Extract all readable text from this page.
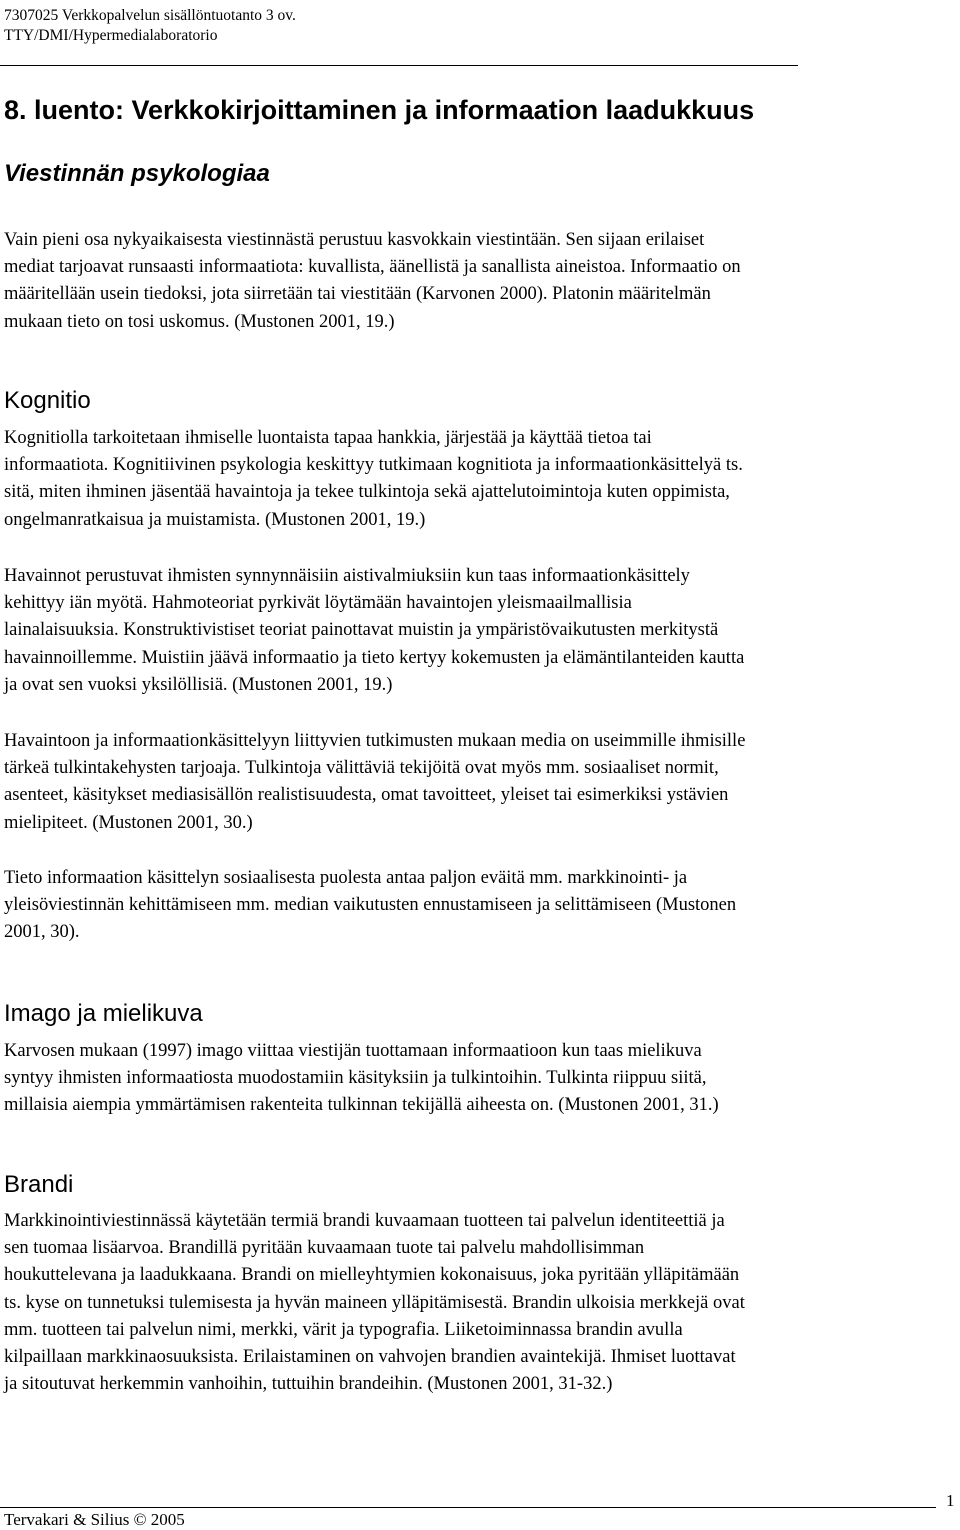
7307025 Verkkopalvelun sisällöntuotanto 3 ov.
TTY/DMI/Hypermedialaboratorio
8. luento: Verkkokirjoittaminen ja informaation laadukkuus
Viestinnän psykologiaa
Vain pieni osa nykyaikaisesta viestinnästä perustuu kasvokkain viestintään. Sen sijaan erilaiset
mediat tarjoavat runsaasti informaatiota: kuvallista, äänellistä ja sanallista aineistoa. Informaatio on
määritellään usein tiedoksi, jota siirretään tai viestitään (Karvonen 2000). Platonin määritelmän
mukaan tieto on tosi uskomus. (Mustonen 2001, 19.)
Kognitio
Kognitiolla tarkoitetaan ihmiselle luontaista tapaa hankkia, järjestää ja käyttää tietoa tai
informaatiota. Kognitiivinen psykologia keskittyy tutkimaan kognitiota ja informaationkäsittelyä ts.
sitä, miten ihminen jäsentää havaintoja ja tekee tulkintoja sekä ajattelutoimintoja kuten oppimista,
ongelmanratkaisua ja muistamista. (Mustonen 2001, 19.)
Havainnot perustuvat ihmisten synnynnäisiin aistivalmiuksiin kun taas informaationkäsittely
kehittyy iän myötä. Hahmoteoriat pyrkivät löytämään havaintojen yleismaailmallisia
lainalaisuuksia. Konstruktivistiset teoriat painottavat muistin ja ympäristövaikutusten merkitystä
havainnoillemme. Muistiin jäävä informaatio ja tieto kertyy kokemusten ja elämäntilanteiden kautta
ja ovat sen vuoksi yksilöllisiä. (Mustonen 2001, 19.)
Havaintoon ja informaationkäsittelyyn liittyvien tutkimusten mukaan media on useimmille ihmisille
tärkeä tulkintakehysten tarjoaja. Tulkintoja välittäviä tekijöitä ovat myös mm. sosiaaliset normit,
asenteet, käsitykset mediasisällön realistisuudesta, omat tavoitteet, yleiset tai esimerkiksi ystävien
mielipiteet. (Mustonen 2001, 30.)
Tieto informaation käsittelyn sosiaalisesta puolesta antaa paljon eväitä mm. markkinointi- ja
yleisöviestinnän kehittämiseen mm. median vaikutusten ennustamiseen ja selittämiseen (Mustonen
2001, 30).
Imago ja mielikuva
Karvosen mukaan (1997) imago viittaa viestijän tuottamaan informaatioon kun taas mielikuva
syntyy ihmisten informaatiosta muodostamiin käsityksiin ja tulkintoihin. Tulkinta riippuu siitä,
millaisia aiempia ymmärtämisen rakenteita tulkinnan tekijällä aiheesta on. (Mustonen 2001, 31.)
Brandi
Markkinointiviestinnässä käytetään termiä brandi kuvaamaan tuotteen tai palvelun identiteettiä ja
sen tuomaa lisäarvoa. Brandillä pyritään kuvaamaan tuote tai palvelu mahdollisimman
houkuttelevana ja laadukkaana. Brandi on mielleyhtymien kokonaisuus, joka pyritään ylläpitämään
ts. kyse on tunnetuksi tulemisesta ja hyvän maineen ylläpitämisestä. Brandin ulkoisia merkkejä ovat
mm. tuotteen tai palvelun nimi, merkki, värit ja typografia. Liiketoiminnassa brandin avulla
kilpaillaan markkinaosuuksista. Erilaistaminen on vahvojen brandien avaintekijä. Ihmiset luottavat
ja sitoutuvat herkemmin vanhoihin, tuttuihin brandeihin. (Mustonen 2001, 31-32.)
Tervakari & Silius © 2005
1
